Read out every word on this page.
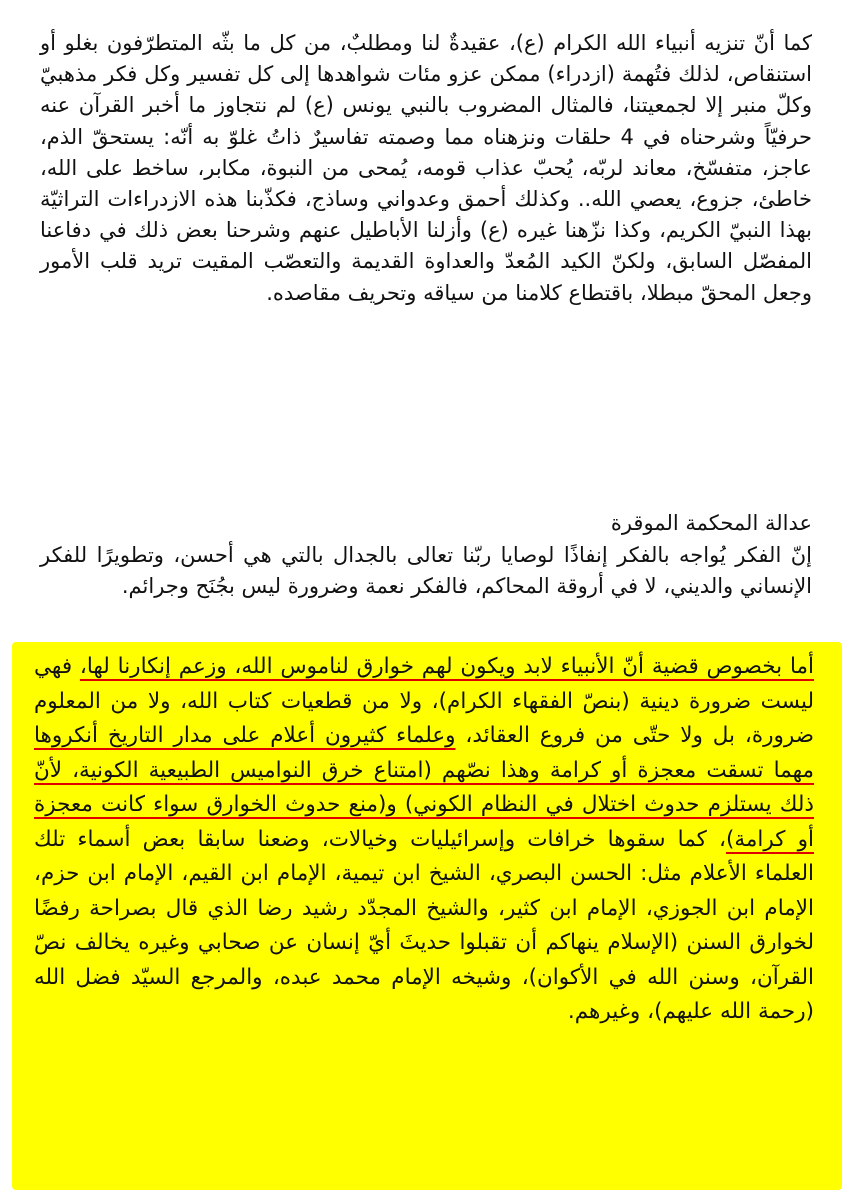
كما أنّ تنزيه أنبياء الله الكرام (ع)، عقيدةٌ لنا ومطلبٌ، من كل ما بثّه المتطرّفون بغلو أو استنقاص، لذلك فتُهمة (ازدراء) ممكن عزو مئات شواهدها إلى كل تفسير وكل فكر مذهبيّ وكلّ منبر إلا لجمعيتنا، فالمثال المضروب بالنبي يونس (ع) لم نتجاوز ما أخبر القرآن عنه حرفيّاً وشرحناه في 4 حلقات ونزهناه مما وصمته تفاسيرٌ ذاتُ غلوّ به أنّه: يستحقّ الذم، عاجز، متفسّخ، معاند لربّه، يُحبّ عذاب قومه، يُمحى من النبوة، مكابر، ساخط على الله، خاطئ، جزوع، يعصي الله.. وكذلك أحمق وعدواني وساذج، فكذّبنا هذه الازدراءات التراثيّة بهذا النبيّ الكريم، وكذا نزّهنا غيره (ع) وأزلنا الأباطيل عنهم وشرحنا بعض ذلك في دفاعنا المفصّل السابق، ولكنّ الكيد المُعدّ والعداوة القديمة والتعصّب المقيت تريد قلب الأمور وجعل المحقّ مبطلا، باقتطاع كلامنا من سياقه وتحريف مقاصده.

عدالة المحكمة الموقرة

إنّ الفكر يُواجه بالفكر إنفاذًا لوصايا ربّنا تعالى بالجدال بالتي هي أحسن، وتطويرًا للفكر الإنساني والديني، لا في أروقة المحاكم، فالفكر نعمة وضرورة ليس بجُنَح وجرائم.

أما بخصوص قضية أنّ الأنبياء لابد ويكون لهم خوارق لناموس الله، وزعم إنكارنا لها، فهي ليست ضرورة دينية (بنصّ الفقهاء الكرام)، ولا من قطعيات كتاب الله، ولا من المعلوم ضرورة، بل ولا حتّى من فروع العقائد، وعلماء كثيرون أعلام على مدار التاريخ أنكروها مهما تسقت معجزة أو كرامة وهذا نصّهم (امتناع خرق النواميس الطبيعية الكونية، لأنّ ذلك يستلزم حدوث اختلال في النظام الكوني) و(منع حدوث الخوارق سواء كانت معجزة أو كرامة)، كما سقوها خرافات وإسرائيليات وخيالات، وضعنا سابقا بعض أسماء تلك العلماء الأعلام مثل: الحسن البصري، الشيخ ابن تيمية، الإمام ابن القيم، الإمام ابن حزم، الإمام ابن الجوزي، الإمام ابن كثير، والشيخ المجدّد رشيد رضا الذي قال بصراحة رفضًا لخوارق السنن (الإسلام ينهاكم أن تقبلوا حديثَ أيّ إنسان عن صحابي وغيره يخالف نصّ القرآن، وسنن الله في الأكوان)، وشيخه الإمام محمد عبده، والمرجع السيّد فضل الله (رحمة الله عليهم)، وغيرهم.
